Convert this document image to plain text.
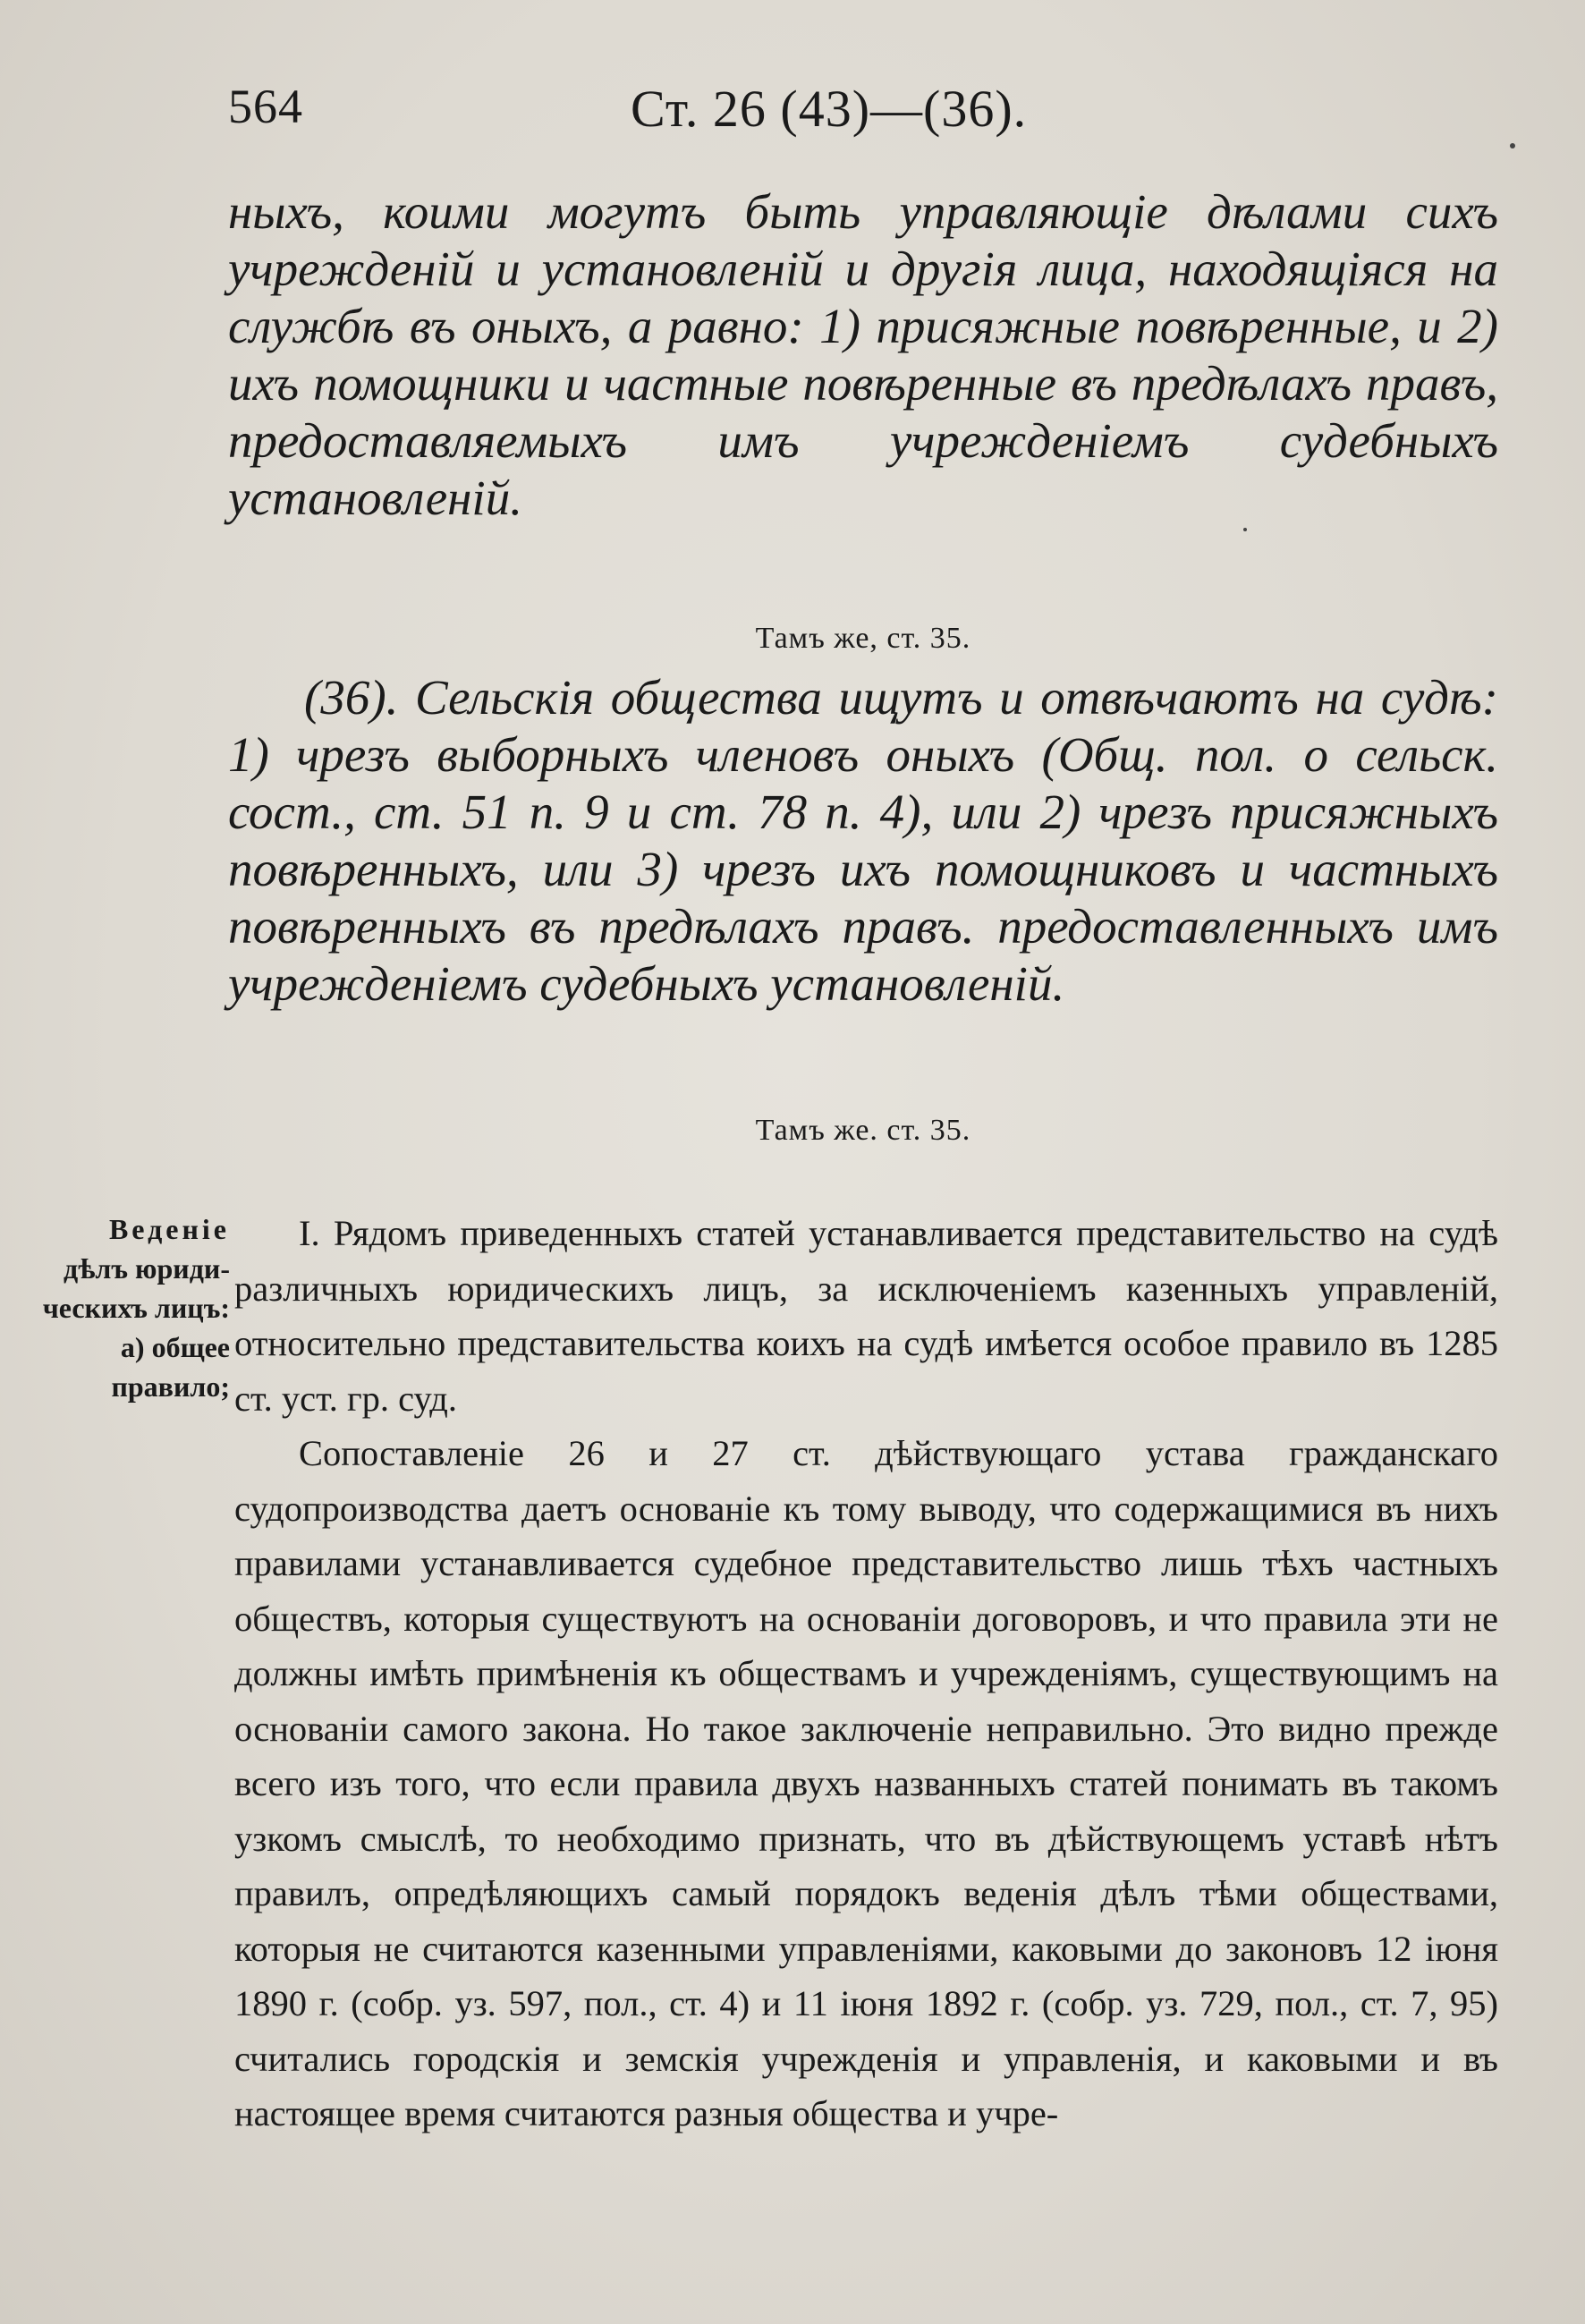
564	Ст. 26 (43)—(36).

ныхъ, коими могутъ быть управляющіе дѣлами сихъ учрежденій и установленій и другія лица, находящіяся на службѣ въ оныхъ, а равно: 1) присяжные повѣренные, и 2) ихъ помощники и частные повѣренные въ предѣлахъ правъ, предоставляемыхъ имъ учрежденіемъ судебныхъ установленій.

Тамъ же, ст. 35.

(36). Сельскія общества ищутъ и отвѣчаютъ на судѣ: 1) чрезъ выборныхъ членовъ оныхъ (Общ. пол. о сельск. сост., ст. 51 п. 9 и ст. 78 п. 4), или 2) чрезъ присяжныхъ повѣренныхъ, или 3) чрезъ ихъ помощниковъ и частныхъ повѣренныхъ въ предѣлахъ правъ. предоставленныхъ имъ учрежденіемъ судебныхъ установленій.

Тамъ же. ст. 35.
Веденіе
дѣлъ юриди-
ческихъ лицъ:
а) общее
правило;

I. Рядомъ приведенныхъ статей устанавливается представительство на судѣ различныхъ юридическихъ лицъ, за исключеніемъ казенныхъ управленій, относительно представительства коихъ на судѣ имѣется особое правило въ 1285 ст. уст. гр. суд.

Сопоставленіе 26 и 27 ст. дѣйствующаго устава гражданскаго судопроизводства даетъ основаніе къ тому выводу, что содержащимися въ нихъ правилами устанавливается судебное представительство лишь тѣхъ частныхъ обществъ, которыя существуютъ на основаніи договоровъ, и что правила эти не должны имѣть примѣненія къ обществамъ и учрежденіямъ, существующимъ на основаніи самого закона. Но такое заключеніе неправильно. Это видно прежде всего изъ того, что если правила двухъ названныхъ статей понимать въ такомъ узкомъ смыслѣ, то необходимо признать, что въ дѣйствующемъ уставѣ нѣтъ правилъ, опредѣляющихъ самый порядокъ веденія дѣлъ тѣми обществами, которыя не считаются казенными управленіями, каковыми до законовъ 12 іюня 1890 г. (собр. уз. 597, пол., ст. 4) и 11 іюня 1892 г. (собр. уз. 729, пол., ст. 7, 95) считались городскія и земскія учрежденія и управленія, и каковыми и въ настоящее время считаются разныя общества и учре-
